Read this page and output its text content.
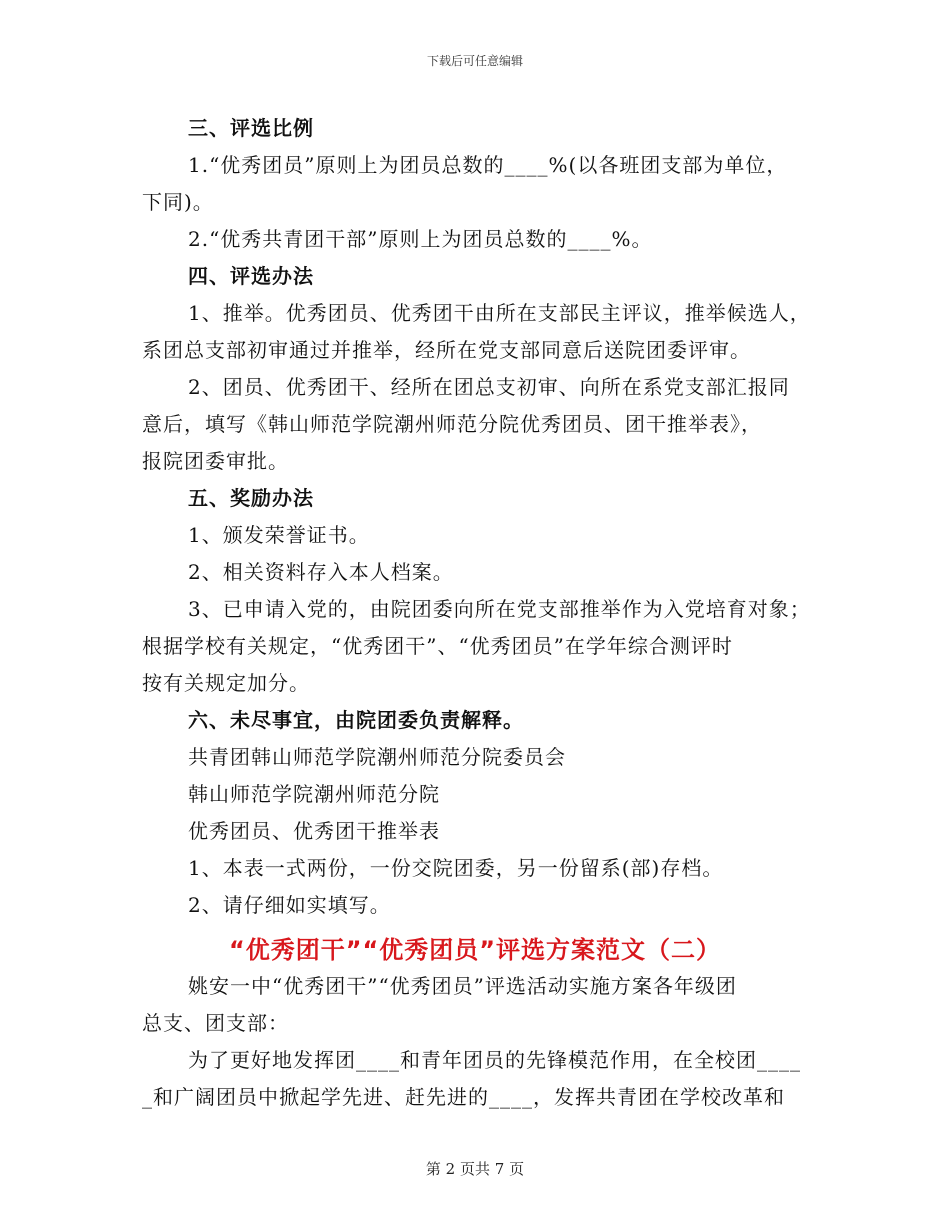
下载后可任意编辑
三、评选比例
1.“优秀团员”原则上为团员总数的____%(以各班团支部为单位，
下同)。
2.“优秀共青团干部”原则上为团员总数的____%。
四、评选办法
1、推举。优秀团员、优秀团干由所在支部民主评议，推举候选人，
系团总支部初审通过并推举，经所在党支部同意后送院团委评审。
2、团员、优秀团干、经所在团总支初审、向所在系党支部汇报同
意后，填写《韩山师范学院潮州师范分院优秀团员、团干推举表》，
报院团委审批。
五、奖励办法
1、颁发荣誉证书。
2、相关资料存入本人档案。
3、已申请入党的，由院团委向所在党支部推举作为入党培育对象；
根据学校有关规定，“优秀团干”、“优秀团员”在学年综合测评时
按有关规定加分。
六、未尽事宜，由院团委负责解释。
共青团韩山师范学院潮州师范分院委员会
韩山师范学院潮州师范分院
优秀团员、优秀团干推举表
1、本表一式两份，一份交院团委，另一份留系(部)存档。
2、请仔细如实填写。
“优秀团干”“优秀团员”评选方案范文（二）
姚安一中“优秀团干”“优秀团员”评选活动实施方案各年级团
总支、团支部：
为了更好地发挥团____和青年团员的先锋模范作用，在全校团____
_和广阔团员中掀起学先进、赶先进的____，发挥共青团在学校改革和
第 2 页共 7 页
